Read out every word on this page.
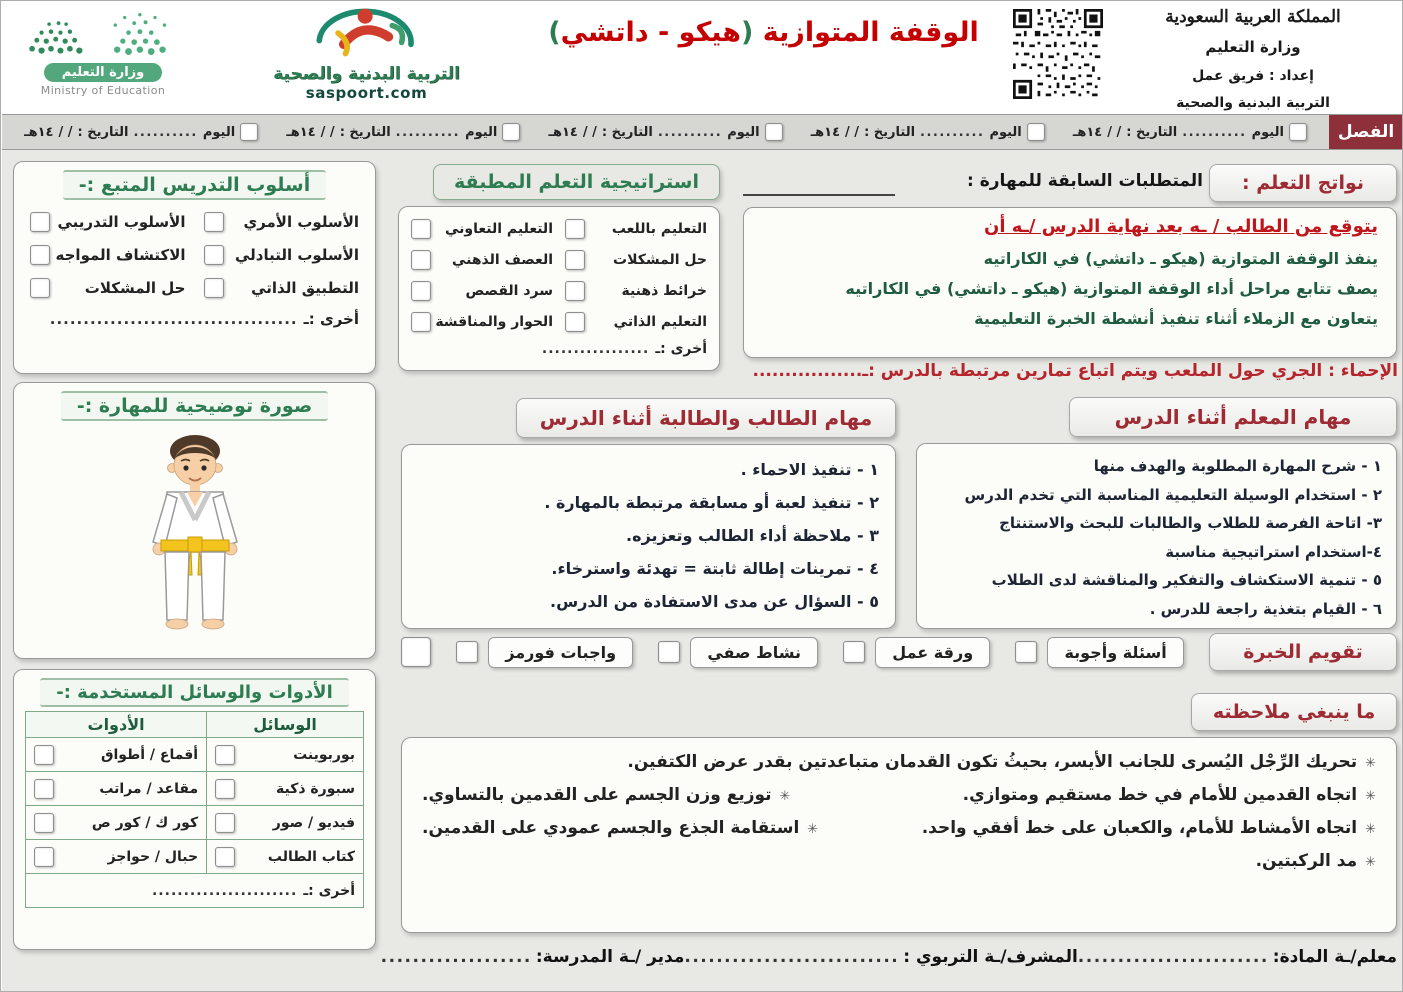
وزارة التعليم
Ministry of Education
التربية البدنية والصحية
saspoort.com
الوقفة المتوازية (هيكو - داتشي)	المملكة العربية السعودية
وزارة التعليم
إعداد : فريق عمل
التربية البدنية والصحية
الفصل
اليوم
..........
التاريخ :
/ /
١٤هـ
اليوم
..........
التاريخ :
/ /
١٤هـ
اليوم
..........
التاريخ :
/ /
١٤هـ
اليوم
..........
التاريخ :
/ /
١٤هـ
اليوم
..........
التاريخ :
/ /
١٤هـ
أسلوب التدريس المتبع :-
الأسلوب الأمري
الأسلوب التدريبي
الأسلوب التبادلي
الاكتشاف المواجه
التطبيق الذاتي
حل المشكلات
أخرى :ـ
.....................................
صورة توضيحية للمهارة :-
الأدوات والوسائل المستخدمة :-
الوسائل	الأدوات

بوربوينت	أقماع / أطواق

سبورة ذكية	مقاعد / مراتب

فيديو / صور	كور ك / كور ص

كتاب الطالب	حبال / حواجز

أخرى :ـ
.......................	
استراتيجية التعلم المطبقة
التعليم باللعب
التعليم التعاوني
حل المشكلات
العصف الذهني
خرائط ذهنية
سرد القصص
التعليم الذاتي
الحوار والمناقشة
أخرى :ـ
.................
مهام الطالب والطالبة أثناء الدرس
١ - تنفيذ الاحماء .
٢ - تنفيذ لعبة أو مسابقة مرتبطة بالمهارة .
٣ - ملاحظة أداء الطالب وتعزيزه.
٤ - تمرينات إطالة ثابتة = تهدئة واسترخاء.
٥ - السؤال عن مدى الاستفادة من الدرس.
نواتج التعلم :
المتطلبات السابقة للمهارة :
يتوقع من الطالب / ـه بعد نهاية الدرس /ـه أن
ينفذ الوقفة المتوازية (هيكو ـ داتشي) في الكاراتيه
يصف تتابع مراحل أداء الوقفة المتوازية (هيكو ـ داتشي) في الكاراتيه
يتعاون مع الزملاء أثناء تنفيذ أنشطة الخبرة التعليمية
الإحماء : الجري حول الملعب ويتم اتباع تمارين مرتبطة بالدرس :ـ.................
مهام المعلم أثناء الدرس
١ - شرح المهارة المطلوبة والهدف منها
٢ - استخدام الوسيلة التعليمية المناسبة التي تخدم الدرس
٣- اتاحة الفرصة للطلاب والطالبات للبحث والاستنتاج
٤-استخدام استراتيجية مناسبة
٥ - تنمية الاستكشاف والتفكير والمناقشة لدى الطلاب
٦ - القيام بتغذية راجعة للدرس .
تقويم الخبرة
أسئلة وأجوبة
ورقة عمل
نشاط صفي
واجبات فورمز
ما ينبغي ملاحظته
✳
تحريك الرِّجْل اليُسرى للجانب الأيسر، بحيثُ تكون القدمان متباعدتين بقدر عرض الكتفين.
✳
اتجاه القدمين للأمام في خط مستقيم ومتوازي.
✳
توزيع وزن الجسم على القدمين بالتساوي.
✳
اتجاه الأمشاط للأمام، والكعبان على خط أفقي واحد.
✳
استقامة الجذع والجسم عمودي على القدمين.
✳
مد الركبتين.
معلم/ـة المادة:
........................
المشرف/ـة التربوي :
...........................
مدير /ـة المدرسة:
...................
